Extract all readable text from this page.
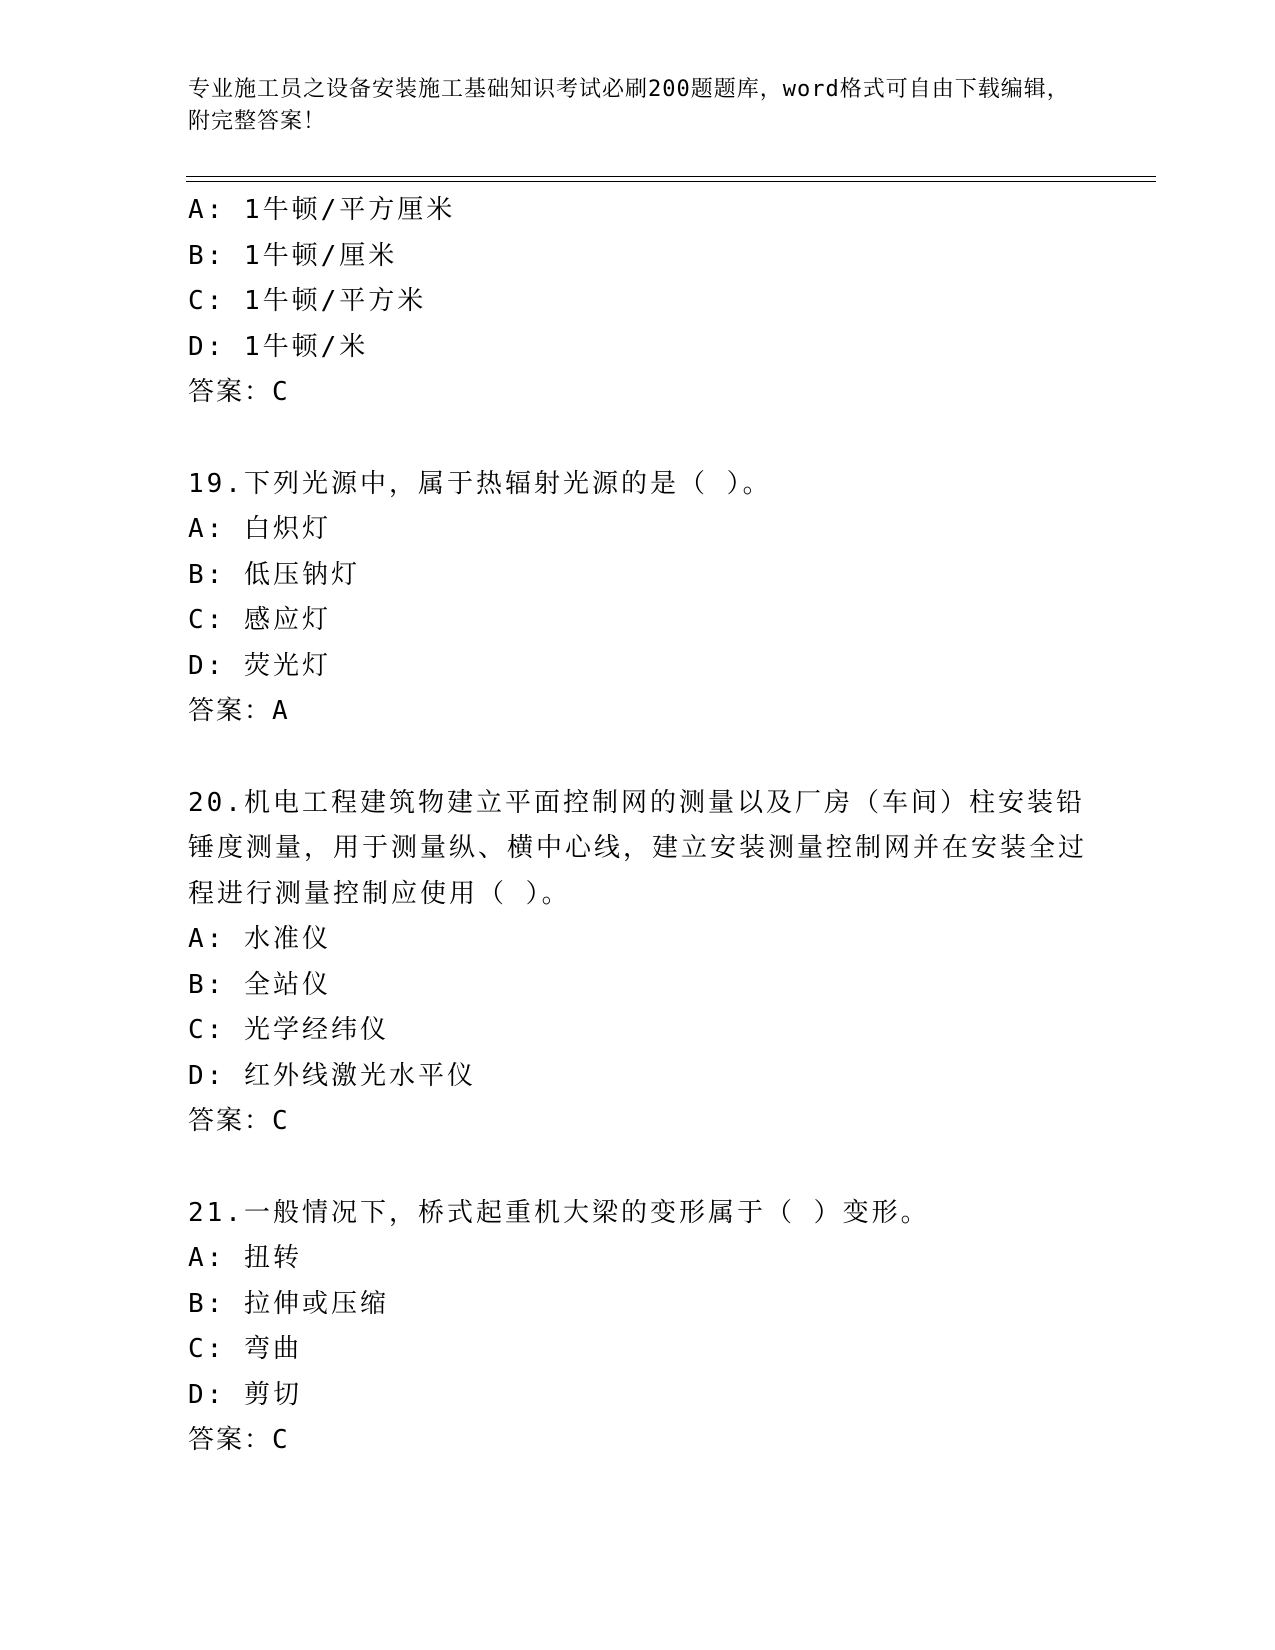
专业施工员之设备安装施工基础知识考试必刷200题题库，word格式可自由下载编辑，附完整答案！
A: 1牛顿/平方厘米
B: 1牛顿/厘米
C: 1牛顿/平方米
D: 1牛顿/米
答案：C
19.下列光源中，属于热辐射光源的是（ ）。
A: 白炽灯
B: 低压钠灯
C: 感应灯
D: 荧光灯
答案：A
20.机电工程建筑物建立平面控制网的测量以及厂房（车间）柱安装铅锤度测量，用于测量纵、横中心线，建立安装测量控制网并在安装全过程进行测量控制应使用（ ）。
A: 水准仪
B: 全站仪
C: 光学经纬仪
D: 红外线激光水平仪
答案：C
21.一般情况下，桥式起重机大梁的变形属于（ ）变形。
A: 扭转
B: 拉伸或压缩
C: 弯曲
D: 剪切
答案：C
